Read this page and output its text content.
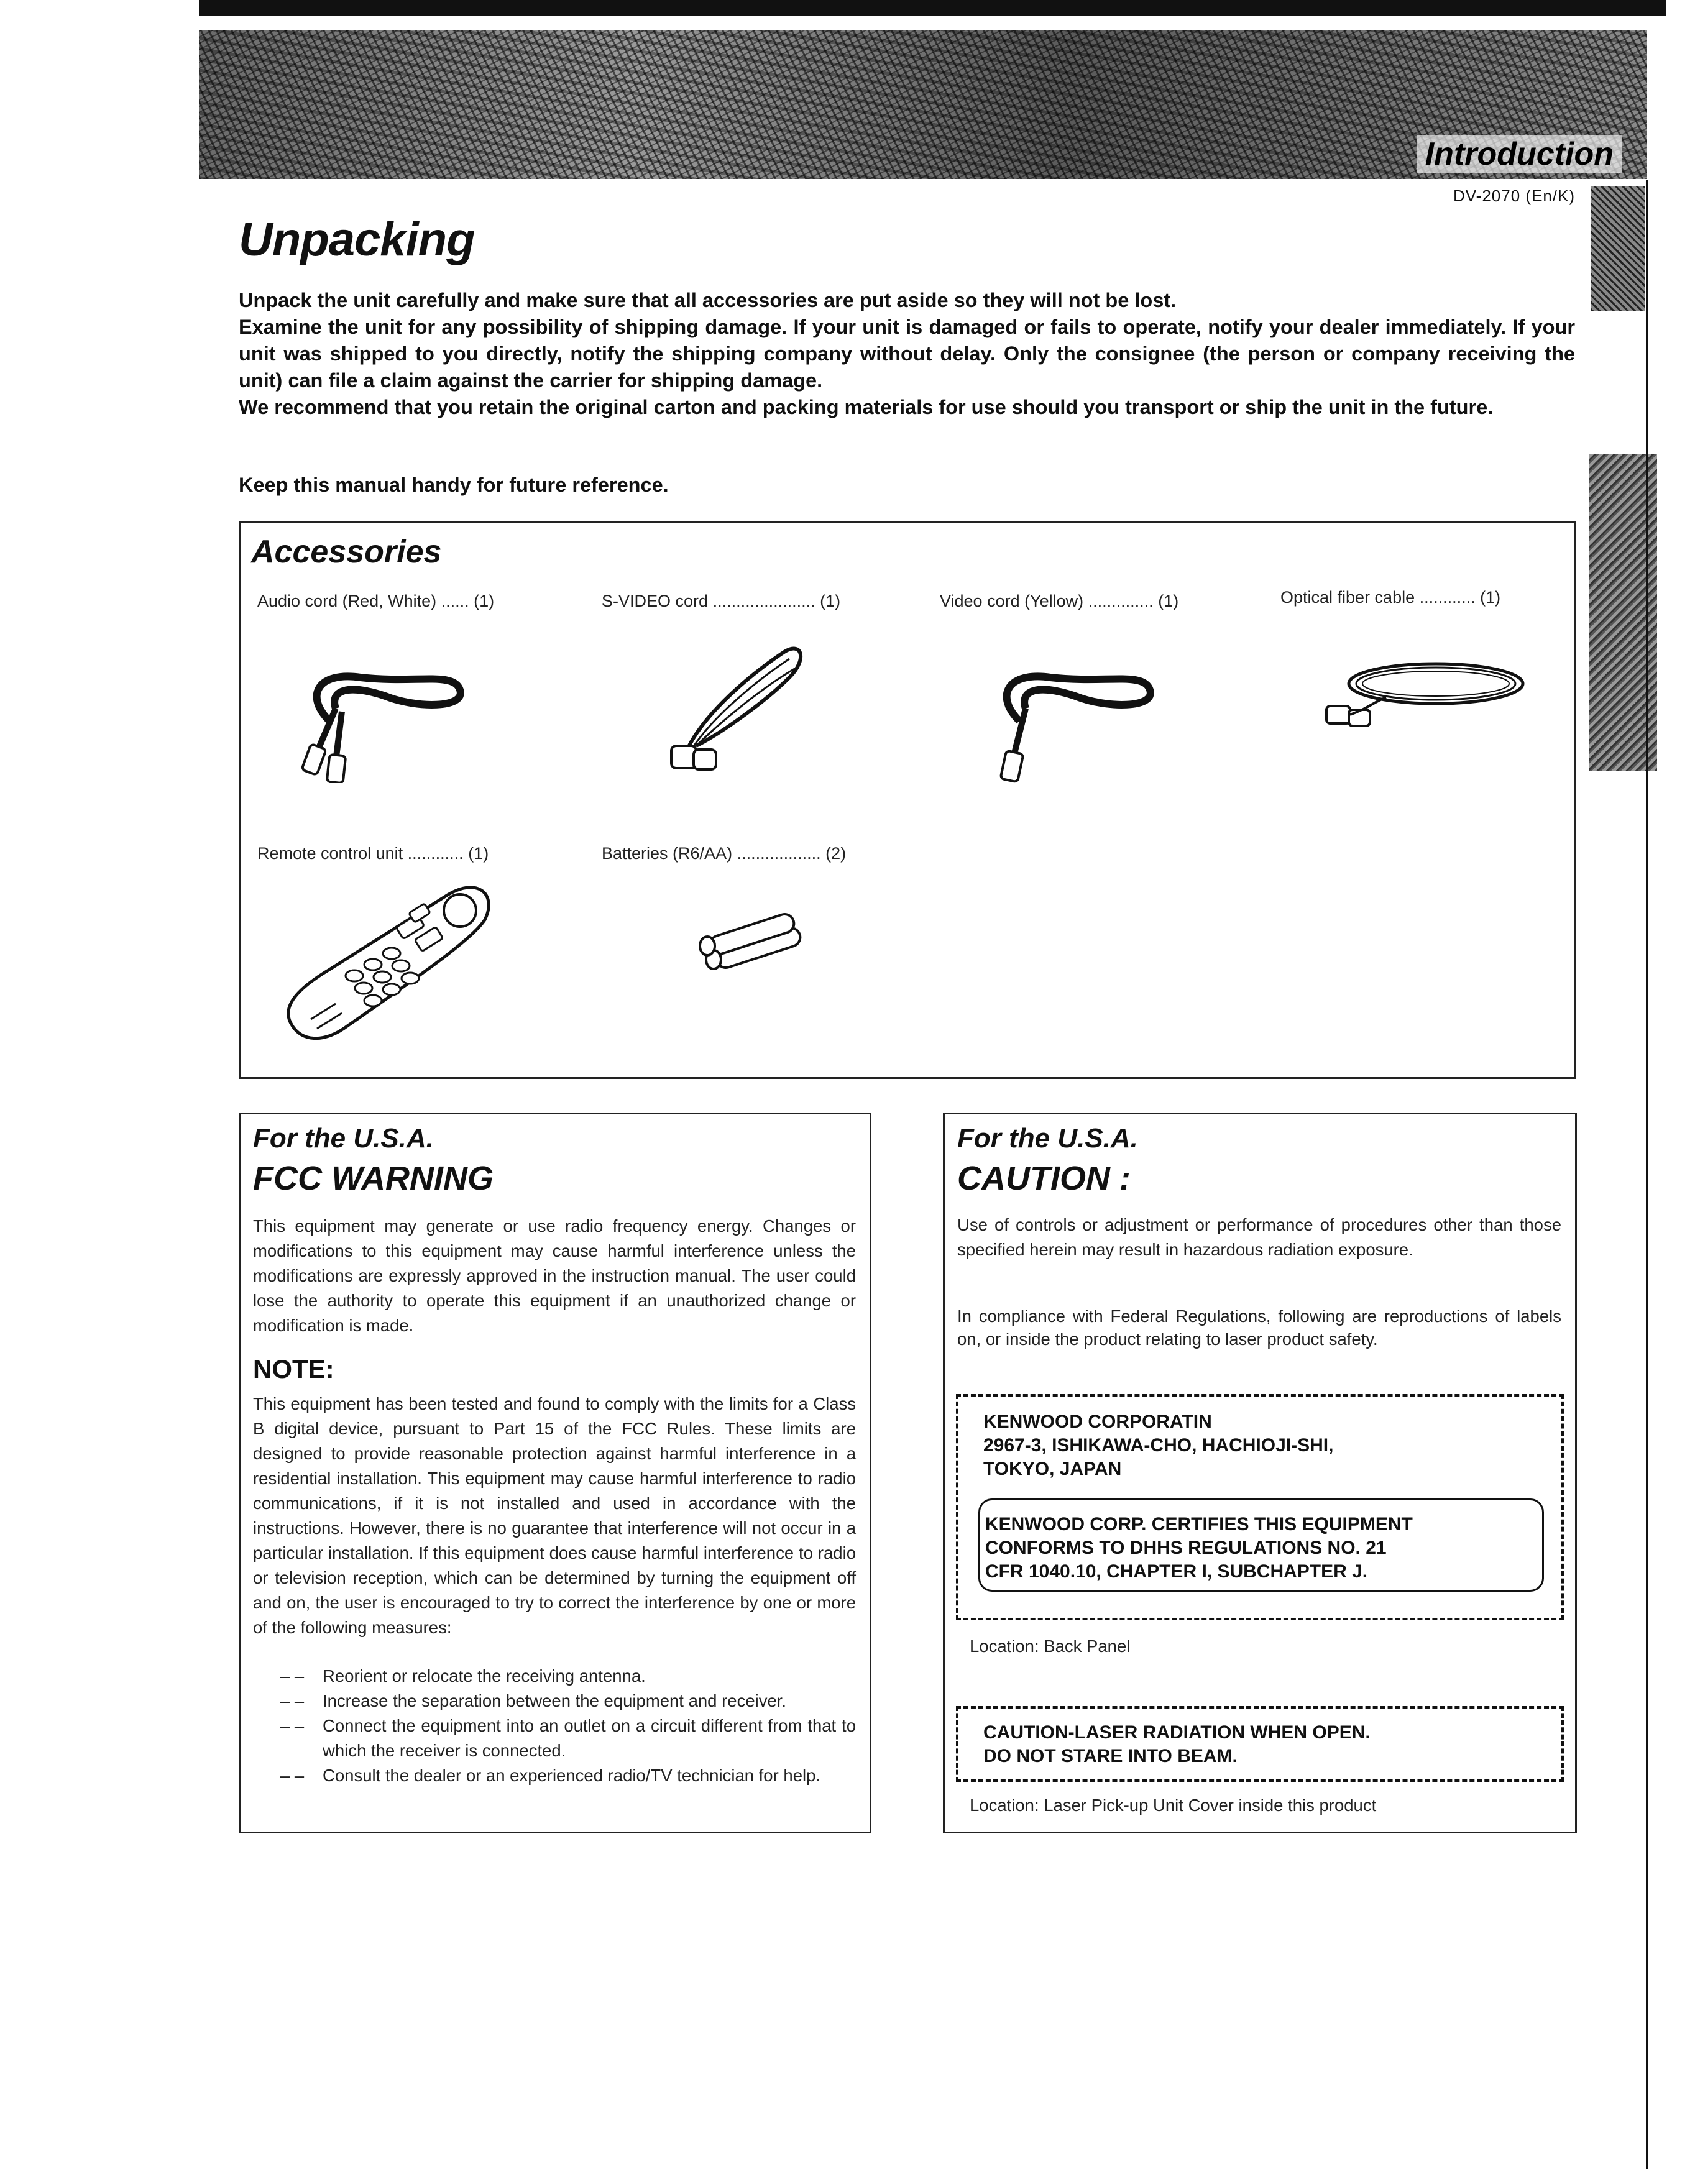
Introduction
DV-2070 (En/K)
Unpacking

Unpack the unit carefully and make sure that all accessories are put aside so they will not be lost.

Examine the unit for any possibility of shipping damage. If your unit is damaged or fails to operate, notify your dealer immediately. If your unit was shipped to you directly, notify the shipping company without delay. Only the consignee (the person or company receiving the unit) can file a claim against the carrier for shipping damage.

We recommend that you retain the original carton and packing materials for use should you transport or ship the unit in the future.

Keep this manual handy for future reference.
Accessories
Audio cord (Red, White) ...... (1)	S-VIDEO cord ...................... (1)	Video cord (Yellow) .............. (1)	Optical fiber cable ............ (1)
Remote control unit ............ (1)	Batteries (R6/AA) .................. (2)
For the U.S.A.
FCC WARNING

This equipment may generate or use radio frequency energy. Changes or modifications to this equipment may cause harmful interference unless the modifications are expressly approved in the instruction manual. The user could lose the authority to operate this equipment if an unauthorized change or modification is made.

NOTE:

This equipment has been tested and found to comply with the limits for a Class B digital device, pursuant to Part 15 of the FCC Rules. These limits are designed to provide reasonable protection against harmful interference in a residential installation. This equipment may cause harmful interference to radio communications, if it is not installed and used in accordance with the instructions. However, there is no guarantee that interference will not occur in a particular installation. If this equipment does cause harmful interference to radio or television reception, which can be determined by turning the equipment off and on, the user is encouraged to try to correct the interference by one or more of the following measures:

– – Reorient or relocate the receiving antenna.
– – Increase the separation between the equipment and receiver.
– – Connect the equipment into an outlet on a circuit different from that to which the receiver is connected.
– – Consult the dealer or an experienced radio/TV technician for help.
For the U.S.A.
CAUTION :

Use of controls or adjustment or performance of procedures other than those specified herein may result in hazardous radiation exposure.

In compliance with Federal Regulations, following are reproductions of labels on, or inside the product relating to laser product safety.

KENWOOD CORPORATIN

2967-3, ISHIKAWA-CHO, HACHIOJI-SHI,

TOKYO, JAPAN

KENWOOD CORP. CERTIFIES THIS EQUIPMENT

CONFORMS TO DHHS REGULATIONS NO. 21

CFR 1040.10, CHAPTER I, SUBCHAPTER J.

Location: Back Panel

CAUTION-LASER RADIATION WHEN OPEN.

DO NOT STARE INTO BEAM.

Location: Laser Pick-up Unit Cover inside this product
